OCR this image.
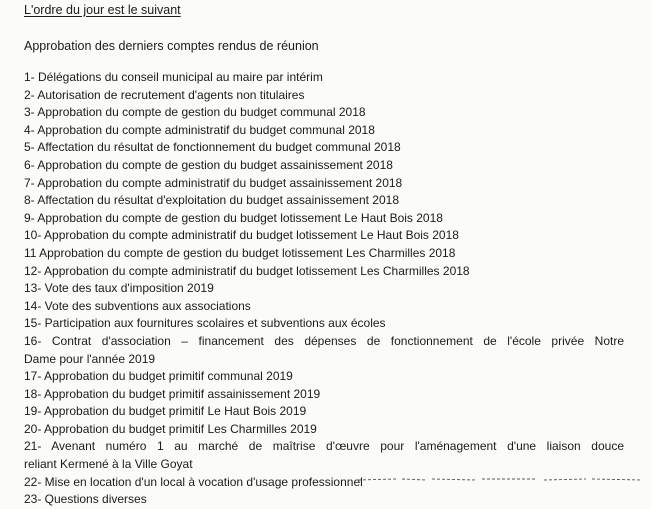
L'ordre du jour est le suivant
Approbation des derniers comptes rendus de réunion
1- Délégations du conseil municipal au maire par intérim
2- Autorisation de recrutement d'agents non titulaires
3- Approbation du compte de gestion du budget communal 2018
4- Approbation du compte administratif du budget communal 2018
5- Affectation du résultat de fonctionnement du budget communal 2018
6- Approbation du compte de gestion du budget assainissement 2018
7- Approbation du compte administratif du budget assainissement 2018
8- Affectation du résultat d'exploitation du budget assainissement 2018
9- Approbation du compte de gestion du budget lotissement Le Haut Bois 2018
10- Approbation du compte administratif du budget lotissement Le Haut Bois 2018
11 Approbation du compte de gestion du budget lotissement Les Charmilles 2018
12- Approbation du compte administratif du budget lotissement Les Charmilles 2018
13- Vote des taux d'imposition 2019
14- Vote des subventions aux associations
15- Participation aux fournitures scolaires et subventions aux écoles
16- Contrat d'association – financement des dépenses de fonctionnement de l'école privée Notre
Dame pour l'année 2019
17- Approbation du budget primitif communal 2019
18- Approbation du budget primitif assainissement 2019
19- Approbation du budget primitif Le Haut Bois 2019
20- Approbation du budget primitif Les Charmilles 2019
21- Avenant numéro 1 au marché de maîtrise d'œuvre pour l'aménagement d'une liaison douce
reliant Kermené à la Ville Goyat
22- Mise en location d'un local à vocation d'usage professionnel
23- Questions diverses
